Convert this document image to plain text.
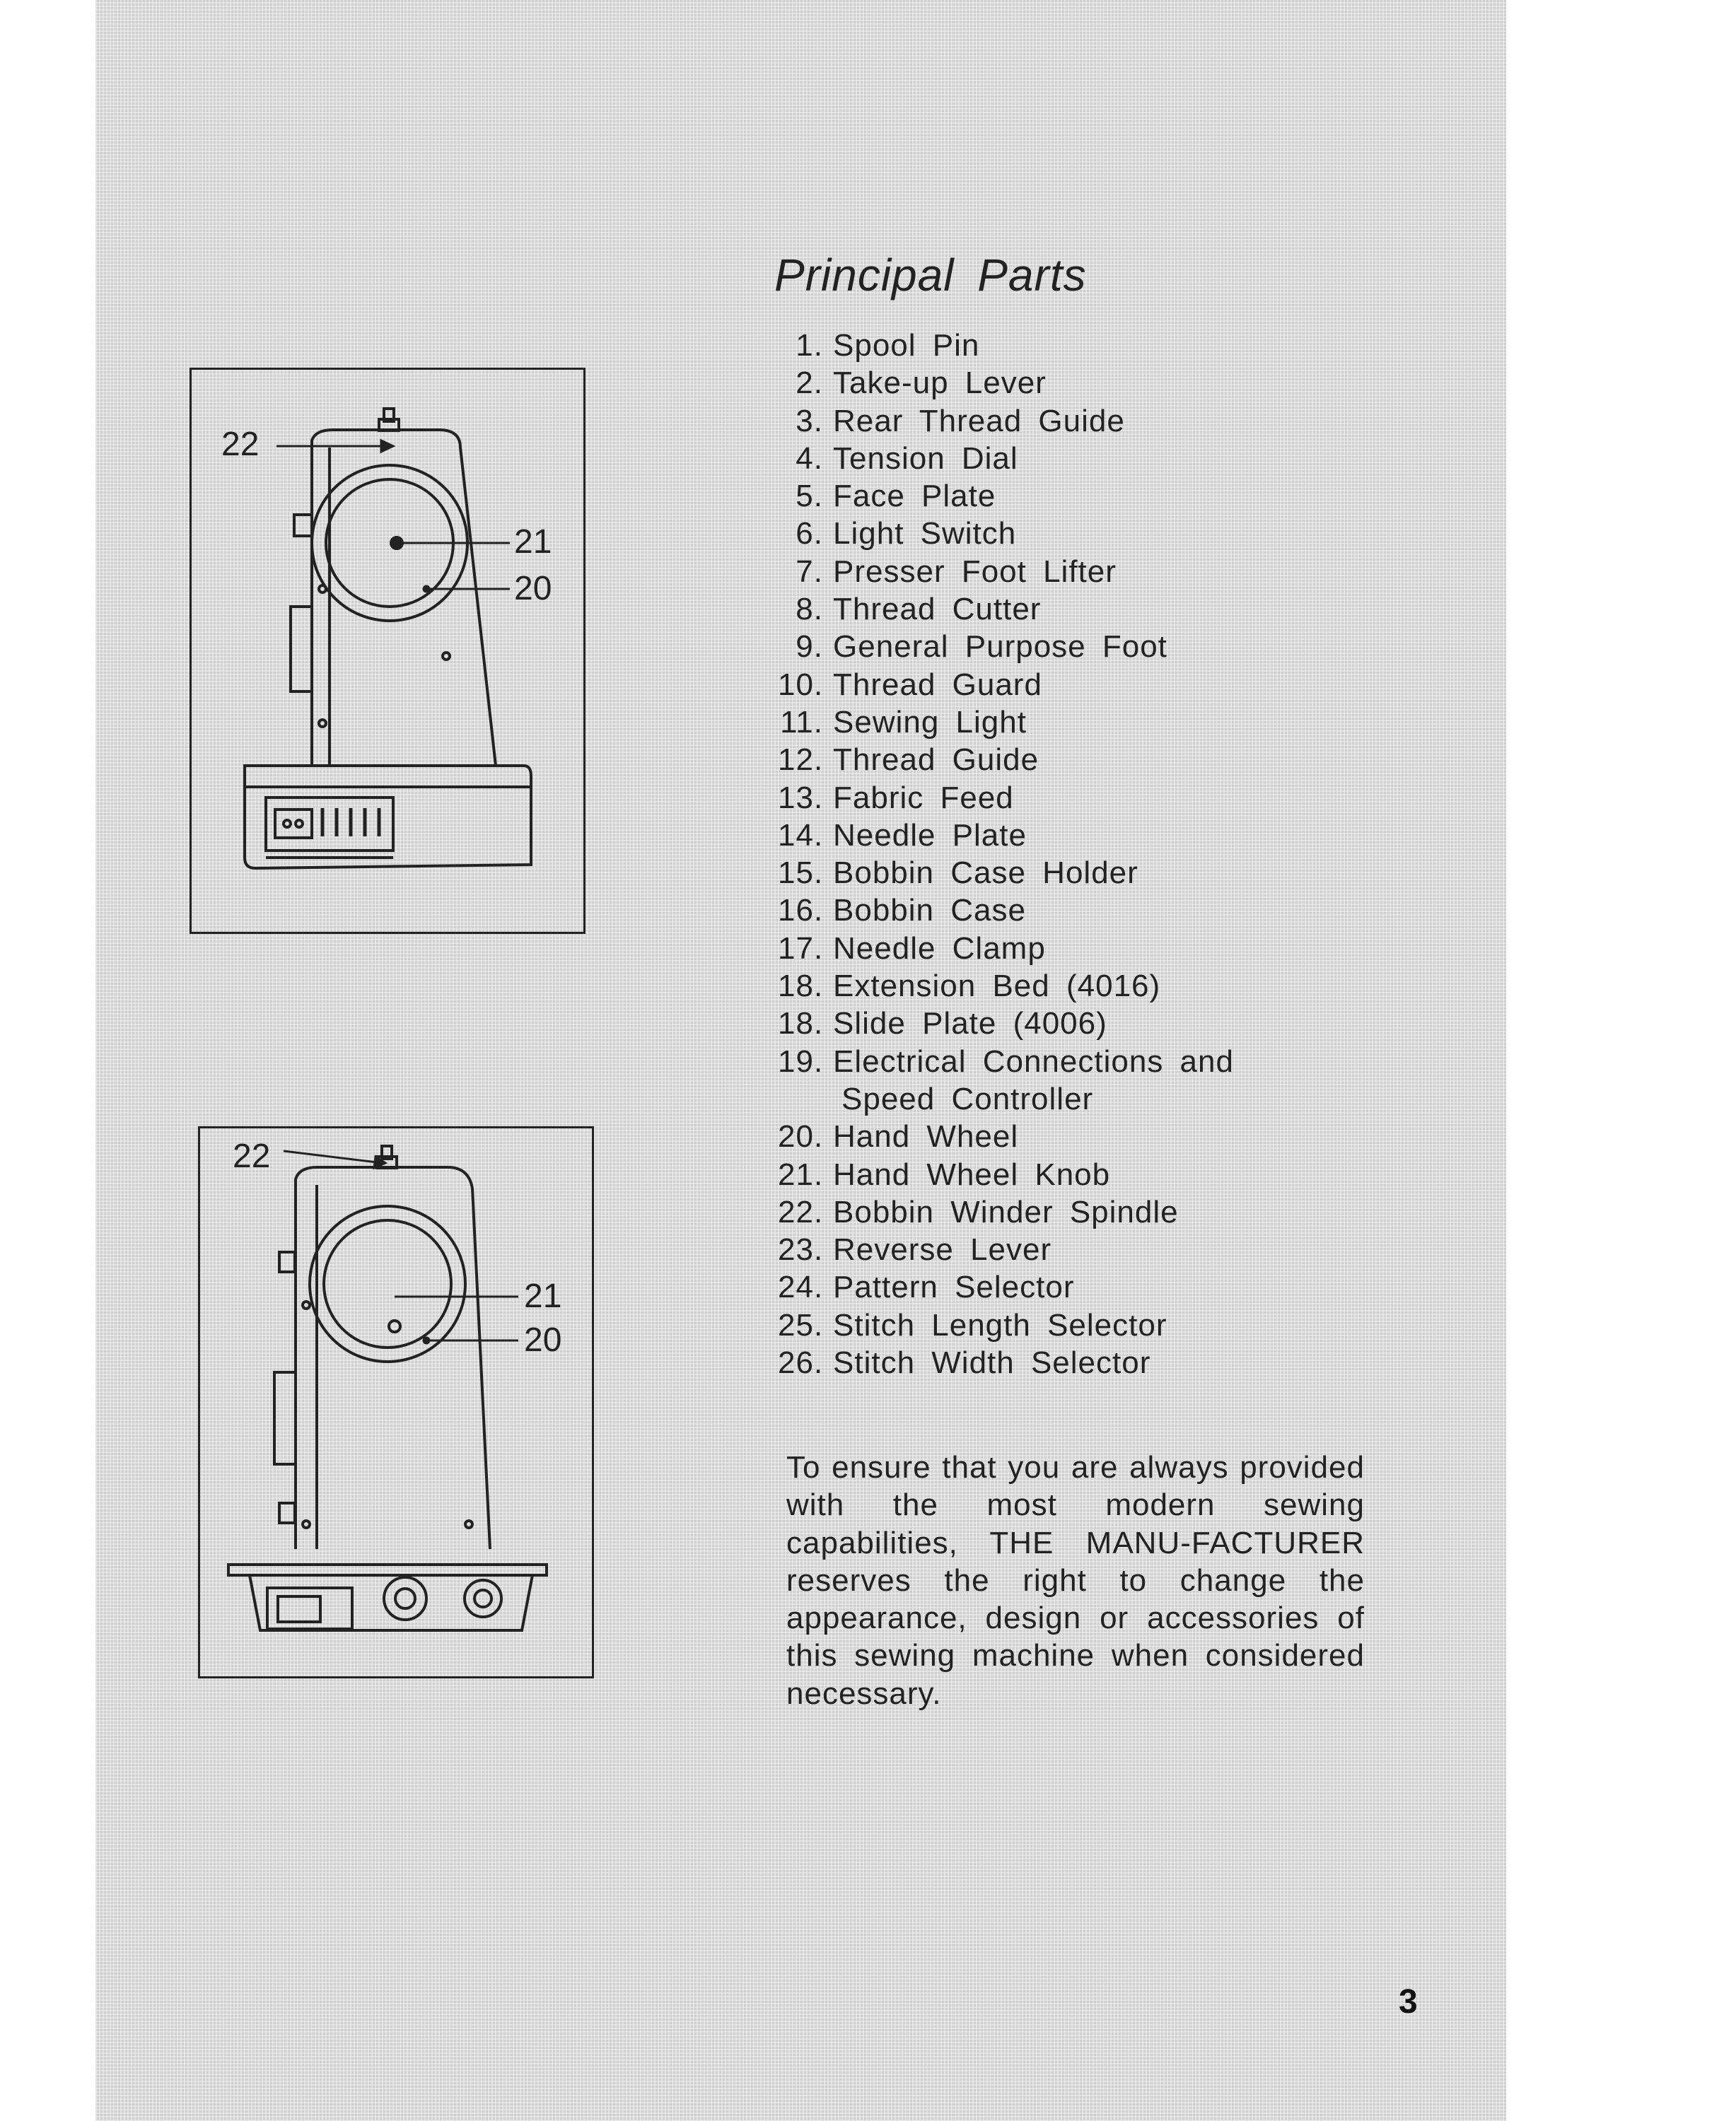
22
21
20
22
21
20
Principal Parts
1. Spool Pin
2. Take-up Lever
3. Rear Thread Guide
4. Tension Dial
5. Face Plate
6. Light Switch
7. Presser Foot Lifter
8. Thread Cutter
9. General Purpose Foot
10. Thread Guard
11. Sewing Light
12. Thread Guide
13. Fabric Feed
14. Needle Plate
15. Bobbin Case Holder
16. Bobbin Case
17. Needle Clamp
18. Extension Bed (4016)
18. Slide Plate (4006)
19. Electrical Connections and
Speed Controller
20. Hand Wheel
21. Hand Wheel Knob
22. Bobbin Winder Spindle
23. Reverse Lever
24. Pattern Selector
25. Stitch Length Selector
26. Stitch Width Selector

To ensure that you are always provided with the most modern sewing capabilities, THE MANU-FACTURER reserves the right to change the appearance, design or accessories of this sewing machine when considered necessary.

3
